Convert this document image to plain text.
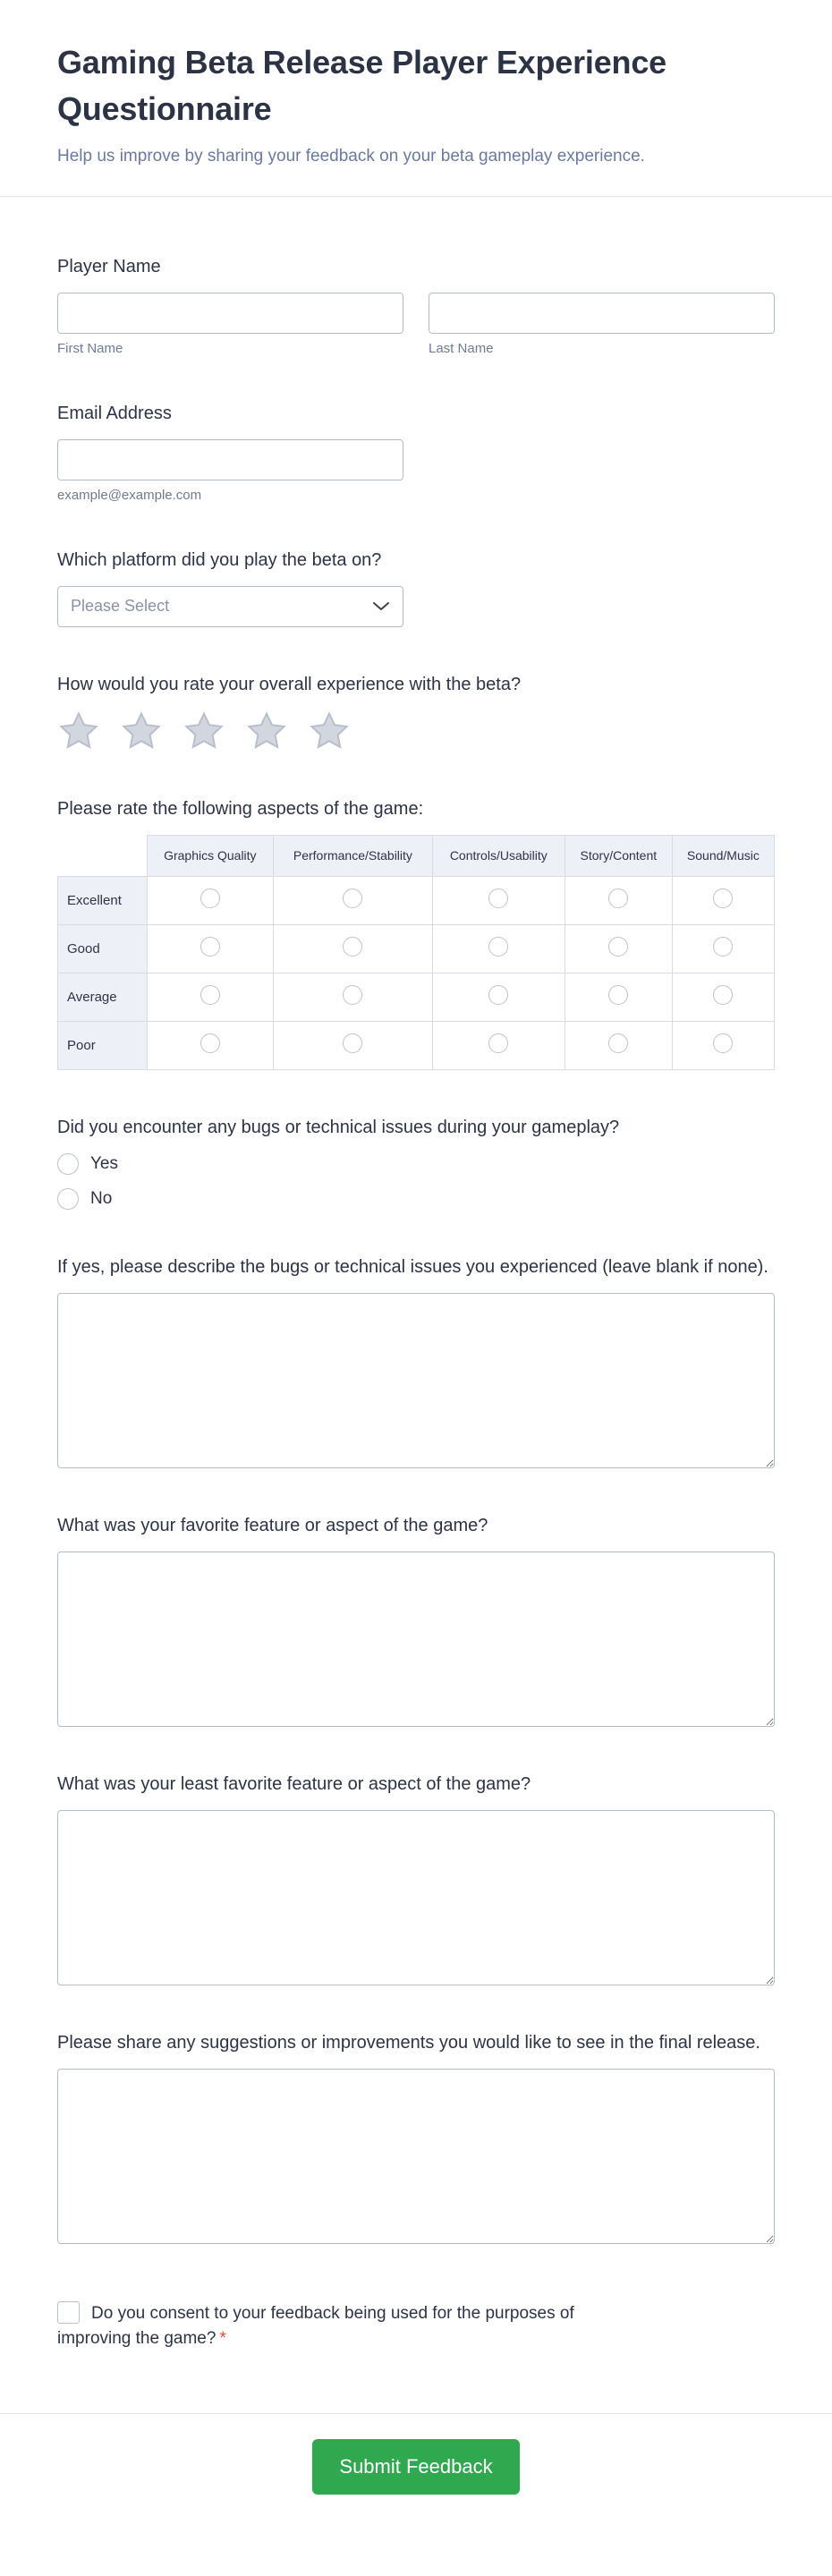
Gaming Beta Release Player Experience Questionnaire

Help us improve by sharing your feedback on your beta gameplay experience.

Player Name
First Name	Last Name
Email Address
example@example.com
Which platform did you play the beta on?
Please Select
How would you rate your overall experience with the beta?
Please rate the following aspects of the game:
	Graphics Quality	Performance/Stability	Controls/Usability	Story/Content	Sound/Music
Excellent					
Good					
Average					
Poor					
Did you encounter any bugs or technical issues during your gameplay?
Yes
No
If yes, please describe the bugs or technical issues you experienced (leave blank if none).
What was your favorite feature or aspect of the game?
What was your least favorite feature or aspect of the game?
Please share any suggestions or improvements you would like to see in the final release.
Do you consent to your feedback being used for the purposes of improving the game? *
Submit Feedback
